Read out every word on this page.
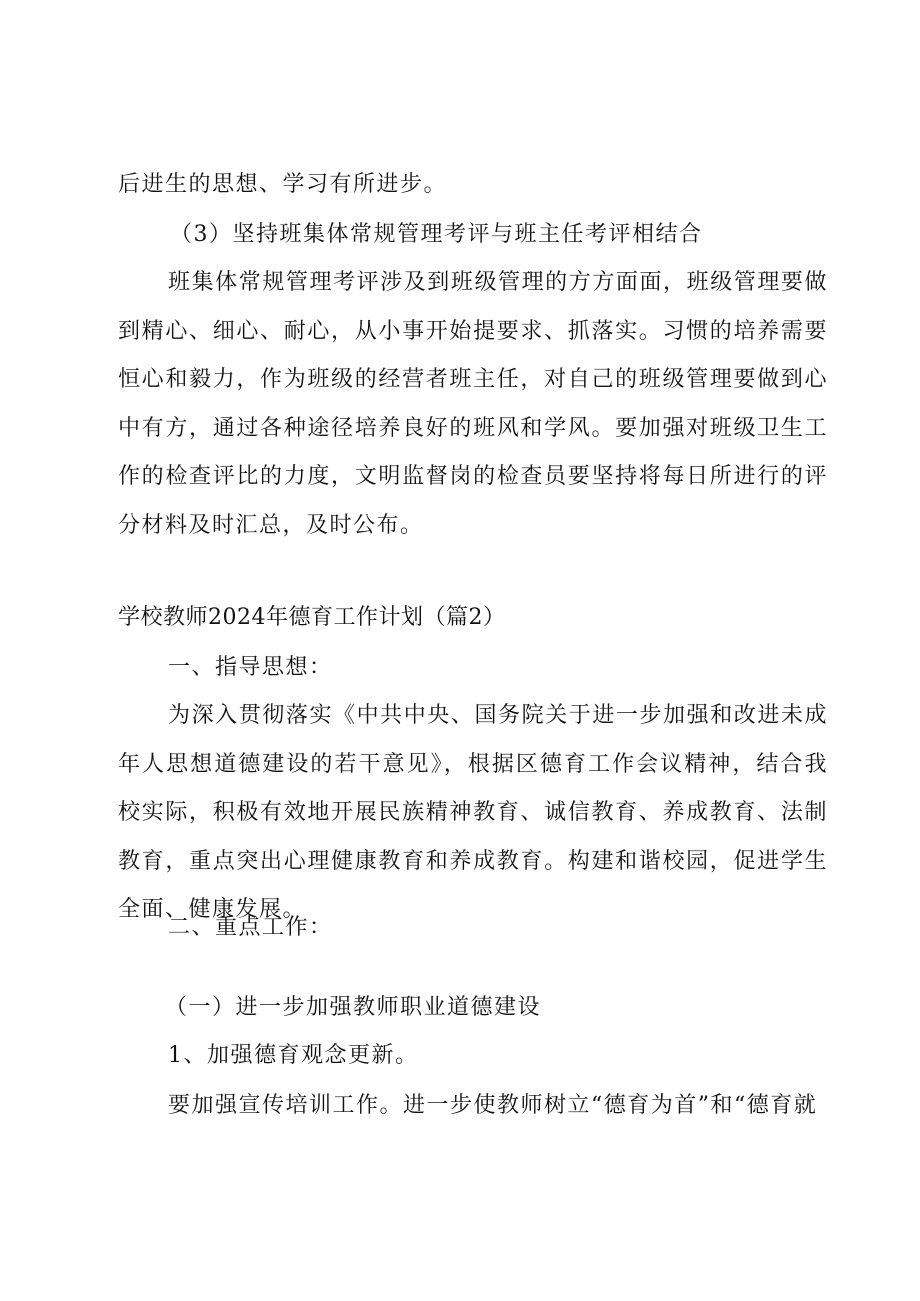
后进生的思想、学习有所进步。
（3）坚持班集体常规管理考评与班主任考评相结合
班集体常规管理考评涉及到班级管理的方方面面，班级管理要做到精心、细心、耐心，从小事开始提要求、抓落实。习惯的培养需要恒心和毅力，作为班级的经营者班主任，对自己的班级管理要做到心中有方，通过各种途径培养良好的班风和学风。要加强对班级卫生工作的检查评比的力度，文明监督岗的检查员要坚持将每日所进行的评分材料及时汇总，及时公布。
学校教师2024年德育工作计划（篇2）
一、指导思想：
为深入贯彻落实《中共中央、国务院关于进一步加强和改进未成年人思想道德建设的若干意见》，根据区德育工作会议精神，结合我校实际，积极有效地开展民族精神教育、诚信教育、养成教育、法制教育，重点突出心理健康教育和养成教育。构建和谐校园，促进学生全面、健康发展。
二、重点工作：
（一）进一步加强教师职业道德建设
1、加强德育观念更新。
要加强宣传培训工作。进一步使教师树立“德育为首”和“德育就
